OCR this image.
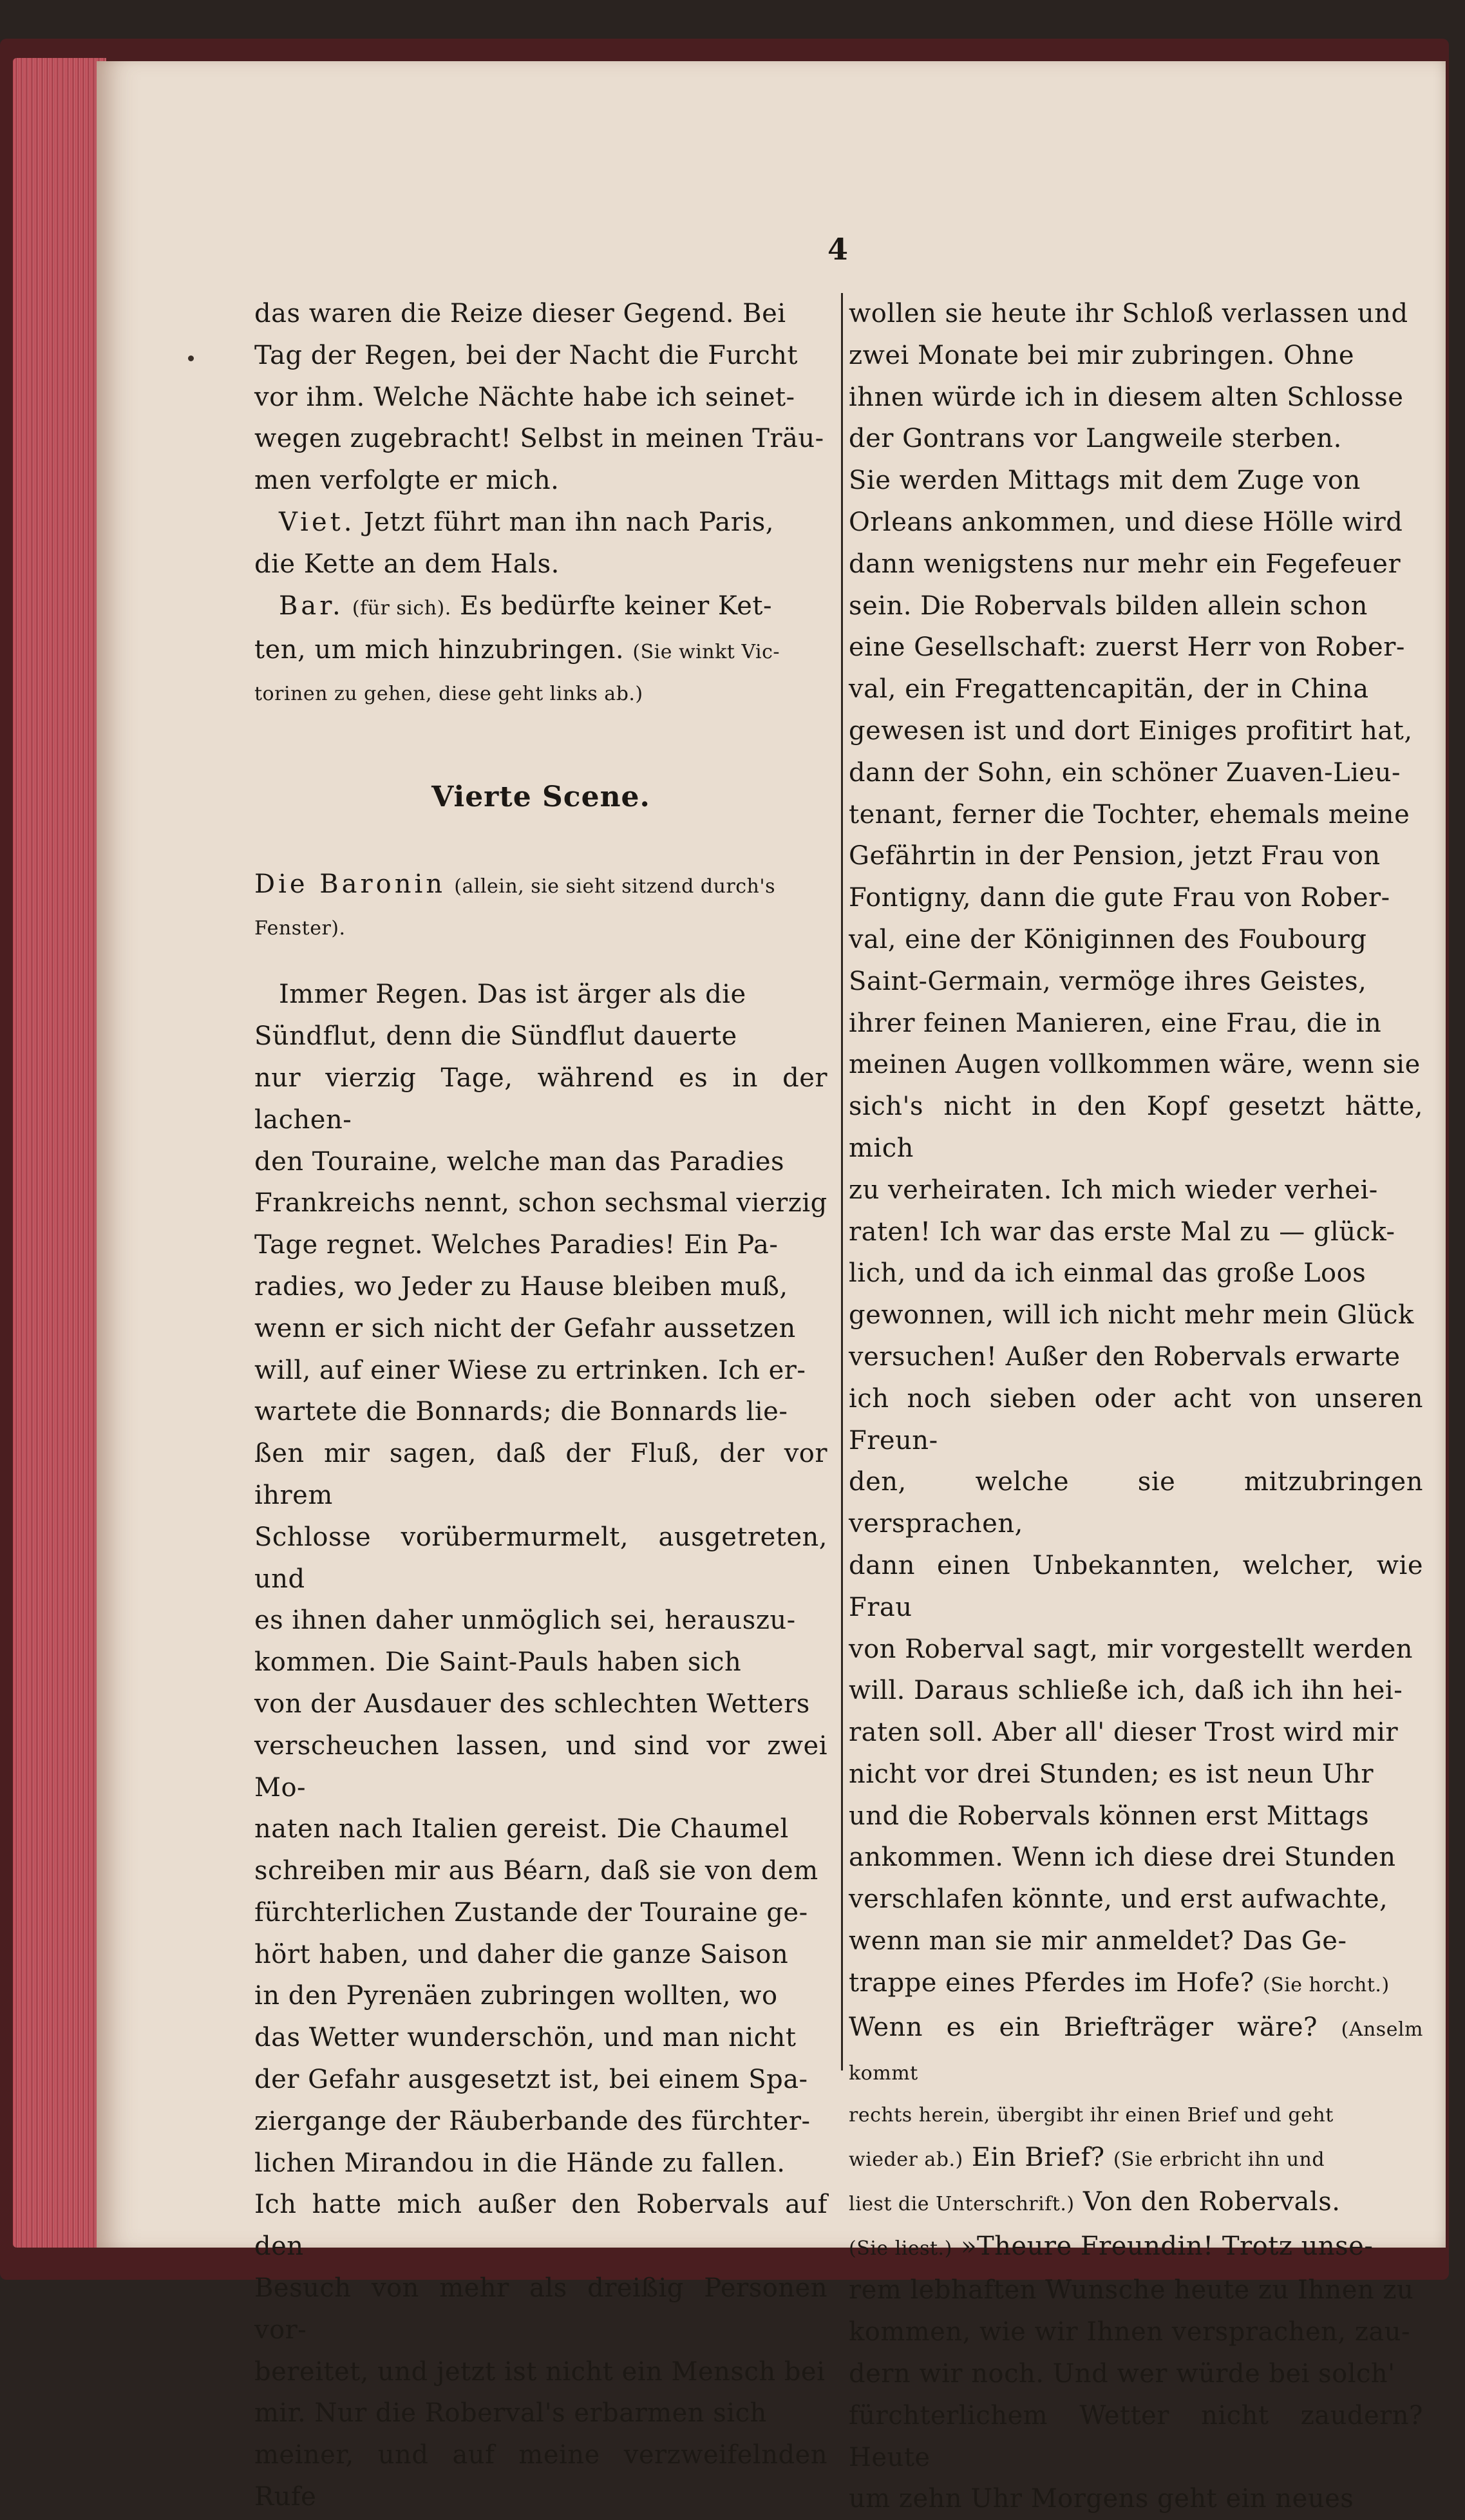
4

das waren die Reize dieser Gegend. Bei

Tag der Regen, bei der Nacht die Furcht

vor ihm. Welche Nächte habe ich seinet-

wegen zugebracht! Selbst in meinen Träu-

men verfolgte er mich.

Viet. Jetzt führt man ihn nach Paris,

die Kette an dem Hals.

Bar. (für sich). Es bedürfte keiner Ket-

ten, um mich hinzubringen. (Sie winkt Vic-

torinen zu gehen, diese geht links ab.)

Vierte Scene.

Die Baronin (allein, sie sieht sitzend durch's

Fenster).

Immer Regen. Das ist ärger als die

Sündflut, denn die Sündflut dauerte

nur vierzig Tage, während es in der lachen-

den Touraine, welche man das Paradies

Frankreichs nennt, schon sechsmal vierzig

Tage regnet. Welches Paradies! Ein Pa-

radies, wo Jeder zu Hause bleiben muß,

wenn er sich nicht der Gefahr aussetzen

will, auf einer Wiese zu ertrinken. Ich er-

wartete die Bonnards; die Bonnards lie-

ßen mir sagen, daß der Fluß, der vor ihrem

Schlosse vorübermurmelt, ausgetreten, und

es ihnen daher unmöglich sei, herauszu-

kommen. Die Saint-Pauls haben sich

von der Ausdauer des schlechten Wetters

verscheuchen lassen, und sind vor zwei Mo-

naten nach Italien gereist. Die Chaumel

schreiben mir aus Béarn, daß sie von dem

fürchterlichen Zustande der Touraine ge-

hört haben, und daher die ganze Saison

in den Pyrenäen zubringen wollten, wo

das Wetter wunderschön, und man nicht

der Gefahr ausgesetzt ist, bei einem Spa-

ziergange der Räuberbande des fürchter-

lichen Mirandou in die Hände zu fallen.

Ich hatte mich außer den Robervals auf den

Besuch von mehr als dreißig Personen vor-

bereitet, und jetzt ist nicht ein Mensch bei

mir. Nur die Roberval's erbarmen sich

meiner, und auf meine verzweifelnden Rufe

wollen sie heute ihr Schloß verlassen und

zwei Monate bei mir zubringen. Ohne

ihnen würde ich in diesem alten Schlosse

der Gontrans vor Langweile sterben.

Sie werden Mittags mit dem Zuge von

Orleans ankommen, und diese Hölle wird

dann wenigstens nur mehr ein Fegefeuer

sein. Die Robervals bilden allein schon

eine Gesellschaft: zuerst Herr von Rober-

val, ein Fregattencapitän, der in China

gewesen ist und dort Einiges profitirt hat,

dann der Sohn, ein schöner Zuaven-Lieu-

tenant, ferner die Tochter, ehemals meine

Gefährtin in der Pension, jetzt Frau von

Fontigny, dann die gute Frau von Rober-

val, eine der Königinnen des Foubourg

Saint-Germain, vermöge ihres Geistes,

ihrer feinen Manieren, eine Frau, die in

meinen Augen vollkommen wäre, wenn sie

sich's nicht in den Kopf gesetzt hätte, mich

zu verheiraten. Ich mich wieder verhei-

raten! Ich war das erste Mal zu — glück-

lich, und da ich einmal das große Loos

gewonnen, will ich nicht mehr mein Glück

versuchen! Außer den Robervals erwarte

ich noch sieben oder acht von unseren Freun-

den, welche sie mitzubringen versprachen,

dann einen Unbekannten, welcher, wie Frau

von Roberval sagt, mir vorgestellt werden

will. Daraus schließe ich, daß ich ihn hei-

raten soll. Aber all' dieser Trost wird mir

nicht vor drei Stunden; es ist neun Uhr

und die Robervals können erst Mittags

ankommen. Wenn ich diese drei Stunden

verschlafen könnte, und erst aufwachte,

wenn man sie mir anmeldet? Das Ge-

trappe eines Pferdes im Hofe? (Sie horcht.)

Wenn es ein Briefträger wäre? (Anselm kommt

rechts herein, übergibt ihr einen Brief und geht

wieder ab.) Ein Brief? (Sie erbricht ihn und

liest die Unterschrift.) Von den Robervals.

(Sie liest.) »Theure Freundin! Trotz unse-

rem lebhaften Wunsche heute zu Ihnen zu

kommen, wie wir Ihnen versprachen, zau-

dern wir noch. Und wer würde bei solch'

fürchterlichem Wetter nicht zaudern? Heute

um zehn Uhr Morgens geht ein neues
